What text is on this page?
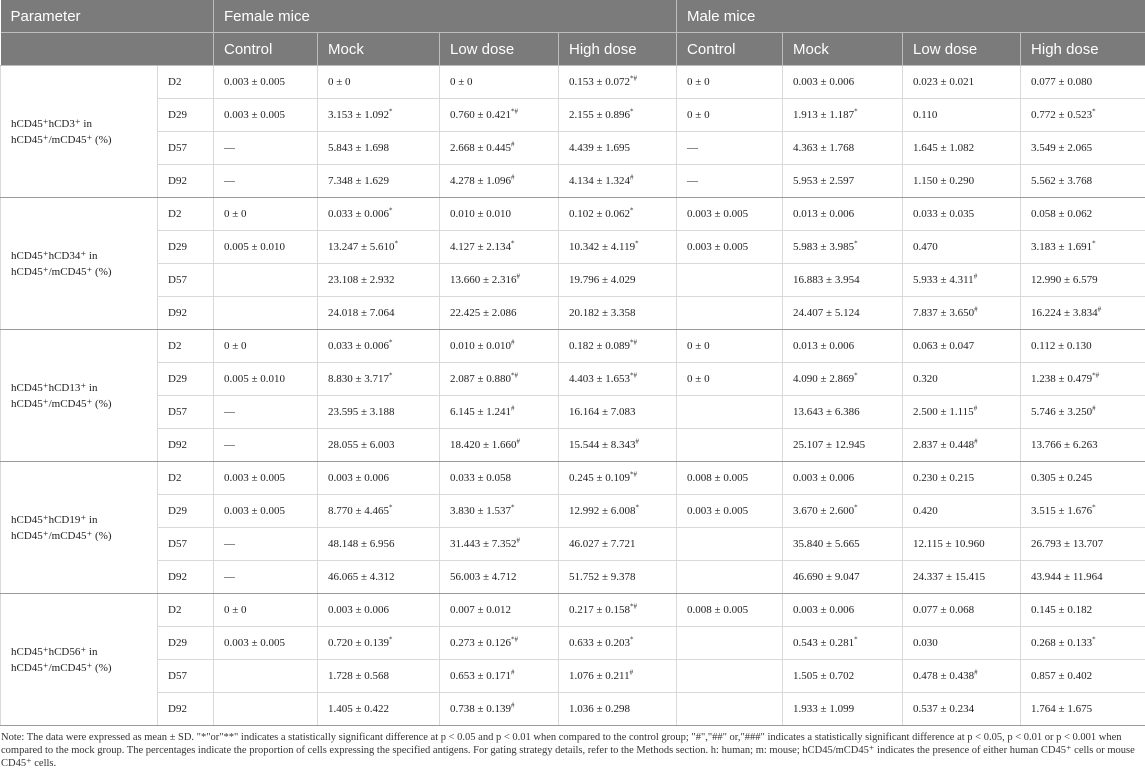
Parameter		Female mice				Male mice			
		Control	Mock	Low dose	High dose	Control	Mock	Low dose	High dose
hCD45⁺hCD3⁺ in hCD45⁺/mCD45⁺ (%)	D2	0.003 ± 0.005	0 ± 0	0 ± 0	0.153 ± 0.072*#	0 ± 0	0.003 ± 0.006	0.023 ± 0.021	0.077 ± 0.080
	D29	0.003 ± 0.005	3.153 ± 1.092*	0.760 ± 0.421*#	2.155 ± 0.896*	0 ± 0	1.913 ± 1.187*	0.110	0.772 ± 0.523*
	D57	—	5.843 ± 1.698	2.668 ± 0.445#	4.439 ± 1.695	—	4.363 ± 1.768	1.645 ± 1.082	3.549 ± 2.065
	D92	—	7.348 ± 1.629	4.278 ± 1.096#	4.134 ± 1.324#	—	5.953 ± 2.597	1.150 ± 0.290	5.562 ± 3.768
hCD45⁺hCD34⁺ in hCD45⁺/mCD45⁺ (%)	D2	0 ± 0	0.033 ± 0.006*	0.010 ± 0.010	0.102 ± 0.062*	0.003 ± 0.005	0.013 ± 0.006	0.033 ± 0.035	0.058 ± 0.062
	D29	0.005 ± 0.010	13.247 ± 5.610*	4.127 ± 2.134*	10.342 ± 4.119*	0.003 ± 0.005	5.983 ± 3.985*	0.470	3.183 ± 1.691*
	D57		23.108 ± 2.932	13.660 ± 2.316#	19.796 ± 4.029		16.883 ± 3.954	5.933 ± 4.311#	12.990 ± 6.579
	D92		24.018 ± 7.064	22.425 ± 2.086	20.182 ± 3.358		24.407 ± 5.124	7.837 ± 3.650#	16.224 ± 3.834#
hCD45⁺hCD13⁺ in hCD45⁺/mCD45⁺ (%)	D2	0 ± 0	0.033 ± 0.006*	0.010 ± 0.010#	0.182 ± 0.089*#	0 ± 0	0.013 ± 0.006	0.063 ± 0.047	0.112 ± 0.130
	D29	0.005 ± 0.010	8.830 ± 3.717*	2.087 ± 0.880*#	4.403 ± 1.653*#	0 ± 0	4.090 ± 2.869*	0.320	1.238 ± 0.479*#
	D57	—	23.595 ± 3.188	6.145 ± 1.241#	16.164 ± 7.083		13.643 ± 6.386	2.500 ± 1.115#	5.746 ± 3.250#
	D92	—	28.055 ± 6.003	18.420 ± 1.660#	15.544 ± 8.343#		25.107 ± 12.945	2.837 ± 0.448#	13.766 ± 6.263
hCD45⁺hCD19⁺ in hCD45⁺/mCD45⁺ (%)	D2	0.003 ± 0.005	0.003 ± 0.006	0.033 ± 0.058	0.245 ± 0.109*#	0.008 ± 0.005	0.003 ± 0.006	0.230 ± 0.215	0.305 ± 0.245
	D29	0.003 ± 0.005	8.770 ± 4.465*	3.830 ± 1.537*	12.992 ± 6.008*	0.003 ± 0.005	3.670 ± 2.600*	0.420	3.515 ± 1.676*
	D57	—	48.148 ± 6.956	31.443 ± 7.352#	46.027 ± 7.721		35.840 ± 5.665	12.115 ± 10.960	26.793 ± 13.707
	D92	—	46.065 ± 4.312	56.003 ± 4.712	51.752 ± 9.378		46.690 ± 9.047	24.337 ± 15.415	43.944 ± 11.964
hCD45⁺hCD56⁺ in hCD45⁺/mCD45⁺ (%)	D2	0 ± 0	0.003 ± 0.006	0.007 ± 0.012	0.217 ± 0.158*#	0.008 ± 0.005	0.003 ± 0.006	0.077 ± 0.068	0.145 ± 0.182
	D29	0.003 ± 0.005	0.720 ± 0.139*	0.273 ± 0.126*#	0.633 ± 0.203*		0.543 ± 0.281*	0.030	0.268 ± 0.133*
	D57		1.728 ± 0.568	0.653 ± 0.171#	1.076 ± 0.211#		1.505 ± 0.702	0.478 ± 0.438#	0.857 ± 0.402
	D92		1.405 ± 0.422	0.738 ± 0.139#	1.036 ± 0.298		1.933 ± 1.099	0.537 ± 0.234	1.764 ± 1.675
Note: The data were expressed as mean ± SD. "*"or"**" indicates a statistically significant difference at p < 0.05 and p < 0.01 when compared to the control group; "#","##" or,"###" indicates a statistically significant difference at p < 0.05, p < 0.01 or p < 0.001 when compared to the mock group. The percentages indicate the proportion of cells expressing the specified antigens. For gating strategy details, refer to the Methods section. h: human; m: mouse; hCD45/mCD45⁺ indicates the presence of either human CD45⁺ cells or mouse CD45⁺ cells.
